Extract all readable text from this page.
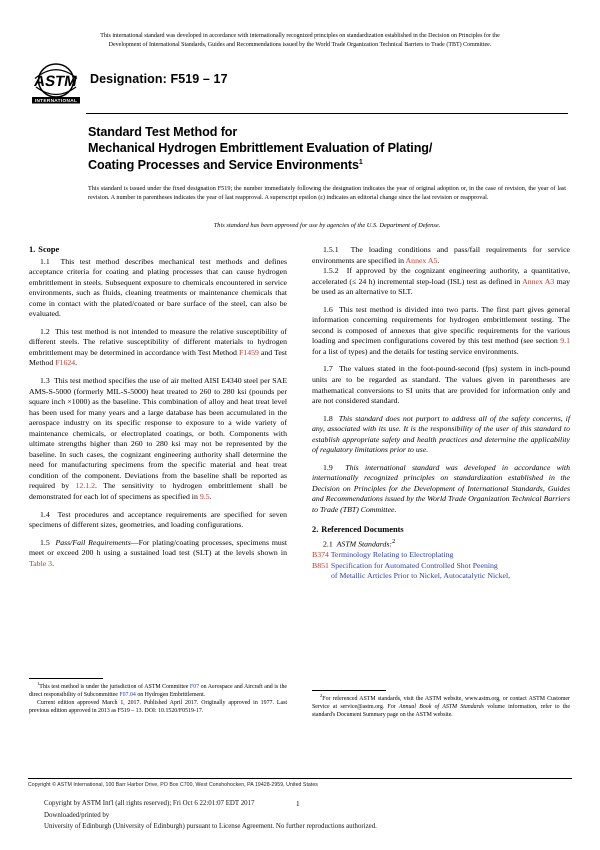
This international standard was developed in accordance with internationally recognized principles on standardization established in the Decision on Principles for the
Development of International Standards, Guides and Recommendations issued by the World Trade Organization Technical Barriers to Trade (TBT) Committee.
ASTM
INTERNATIONAL
Designation: F519 – 17
Standard Test Method for
Mechanical Hydrogen Embrittlement Evaluation of Plating/
Coating Processes and Service Environments$^1$
This standard is issued under the fixed designation F519; the number immediately following the designation indicates the year of original adoption or, in the case of revision, the year of last revision. A number in parentheses indicates the year of last reapproval. A superscript epsilon (ε) indicates an editorial change since the last revision or reapproval.
This standard has been approved for use by agencies of the U.S. Department of Defense.
1. Scope

1.1 This test method describes mechanical test methods and defines acceptance criteria for coating and plating processes that can cause hydrogen embrittlement in steels. Subsequent exposure to chemicals encountered in service environments, such as fluids, cleaning treatments or maintenance chemicals that come in contact with the plated/coated or bare surface of the steel, can also be evaluated.

1.2 This test method is not intended to measure the relative susceptibility of different steels. The relative susceptibility of different materials to hydrogen embrittlement may be determined in accordance with Test Method F1459 and Test Method F1624.

1.3 This test method specifies the use of air melted AISI E4340 steel per SAE AMS-S-5000 (formerly MIL-S-5000) heat treated to 260 to 280 ksi (pounds per square inch ×1000) as the baseline. This combination of alloy and heat treat level has been used for many years and a large database has been accumulated in the aerospace industry on its specific response to exposure to a wide variety of maintenance chemicals, or electroplated coatings, or both. Components with ultimate strengths higher than 260 to 280 ksi may not be represented by the baseline. In such cases, the cognizant engineering authority shall determine the need for manufacturing specimens from the specific material and heat treat condition of the component. Deviations from the baseline shall be reported as required by 12.1.2. The sensitivity to hydrogen embrittlement shall be demonstrated for each lot of specimens as specified in 9.5.

1.4 Test procedures and acceptance requirements are specified for seven specimens of different sizes, geometries, and loading configurations.

1.5 Pass/Fail Requirements—For plating/coating processes, specimens must meet or exceed 200 h using a sustained load test (SLT) at the levels shown in Table 3.

1.5.1 The loading conditions and pass/fail requirements for service environments are specified in Annex A5.

1.5.2 If approved by the cognizant engineering authority, a quantitative, accelerated (≤ 24 h) incremental step-load (ISL) test as defined in Annex A3 may be used as an alternative to SLT.

1.6 This test method is divided into two parts. The first part gives general information concerning requirements for hydrogen embrittlement testing. The second is composed of annexes that give specific requirements for the various loading and specimen configurations covered by this test method (see section 9.1 for a list of types) and the details for testing service environments.

1.7 The values stated in the foot-pound-second (fps) system in inch-pound units are to be regarded as standard. The values given in parentheses are mathematical conversions to SI units that are provided for information only and are not considered standard.

1.8 This standard does not purport to address all of the safety concerns, if any, associated with its use. It is the responsibility of the user of this standard to establish appropriate safety and health practices and determine the applicability of regulatory limitations prior to use.

1.9 This international standard was developed in accordance with internationally recognized principles on standardization established in the Decision on Principles for the Development of International Standards, Guides and Recommendations issued by the World Trade Organization Technical Barriers to Trade (TBT) Committee.

2. Referenced Documents

2.1 ASTM Standards:$^2$

B374 Terminology Relating to Electroplating

B851 Specification for Automated Controlled Shot Peening

of Metallic Articles Prior to Nickel, Autocatalytic Nickel,

$^1$This test method is under the jurisdiction of ASTM Committee F07 on Aerospace and Aircraft and is the direct responsibility of Subcommittee F07.04 on Hydrogen Embrittlement.

Current edition approved March 1, 2017. Published April 2017. Originally approved in 1977. Last previous edition approved in 2013 as F519 – 13. DOI: 10.1520/F0519-17.

$^2$For referenced ASTM standards, visit the ASTM website, www.astm.org, or contact ASTM Customer Service at service@astm.org. For Annual Book of ASTM Standards volume information, refer to the standard's Document Summary page on the ASTM website.

Copyright © ASTM International, 100 Barr Harbor Drive, PO Box C700, West Conshohocken, PA 19428-2959, United States
Copyright by ASTM Int'l (all rights reserved); Fri Oct 6 22:01:07 EDT 2017
Downloaded/printed by
University of Edinburgh (University of Edinburgh) pursuant to License Agreement. No further reproductions authorized.
1
